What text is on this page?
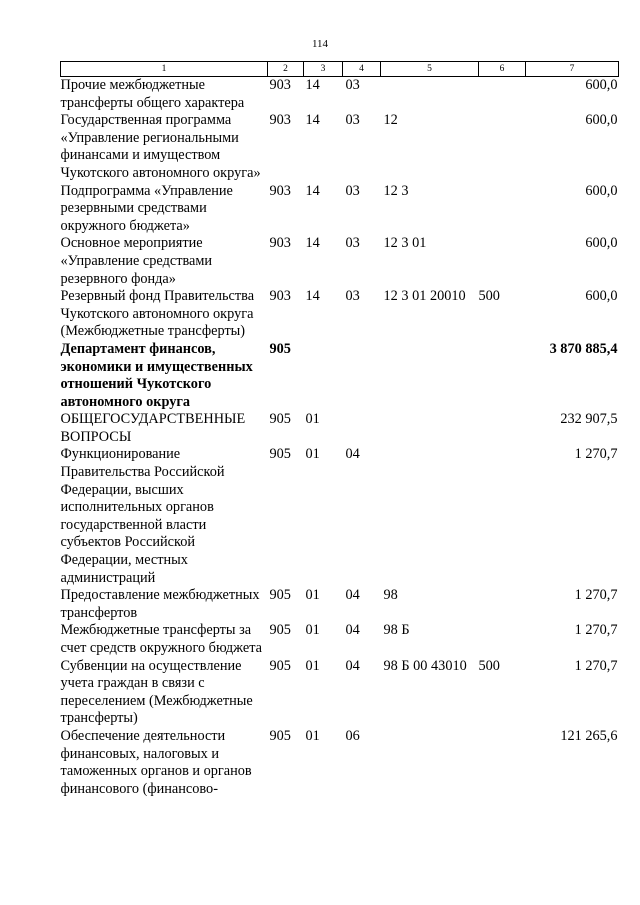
114
1	2	3	4	5	6	7
Прочие межбюджетные трансферты общего характера	903	14	03			600,0
Государственная программа «Управление региональными финансами и имуществом Чукотского автономного округа»	903	14	03	12		600,0
Подпрограмма «Управление резервными средствами окружного бюджета»	903	14	03	12 3		600,0
Основное мероприятие «Управление средствами резервного фонда»	903	14	03	12 3 01		600,0
Резервный фонд Правительства Чукотского автономного округа (Межбюджетные трансферты)	903	14	03	12 3 01 20010	500	600,0
Департамент финансов, экономики и имущественных отношений Чукотского автономного округа	905					3 870 885,4
ОБЩЕГОСУДАРСТВЕННЫЕ ВОПРОСЫ	905	01				232 907,5
Функционирование Правительства Российской Федерации, высших исполнительных органов государственной власти субъектов Российской Федерации, местных администраций	905	01	04			1 270,7
Предоставление межбюджетных трансфертов	905	01	04	98		1 270,7
Межбюджетные трансферты за счет средств окружного бюджета	905	01	04	98 Б		1 270,7
Субвенции на осуществление учета граждан в связи с переселением (Межбюджетные трансферты)	905	01	04	98 Б 00 43010	500	1 270,7
Обеспечение деятельности финансовых, налоговых и таможенных органов и органов финансового (финансово-	905	01	06			121 265,6
